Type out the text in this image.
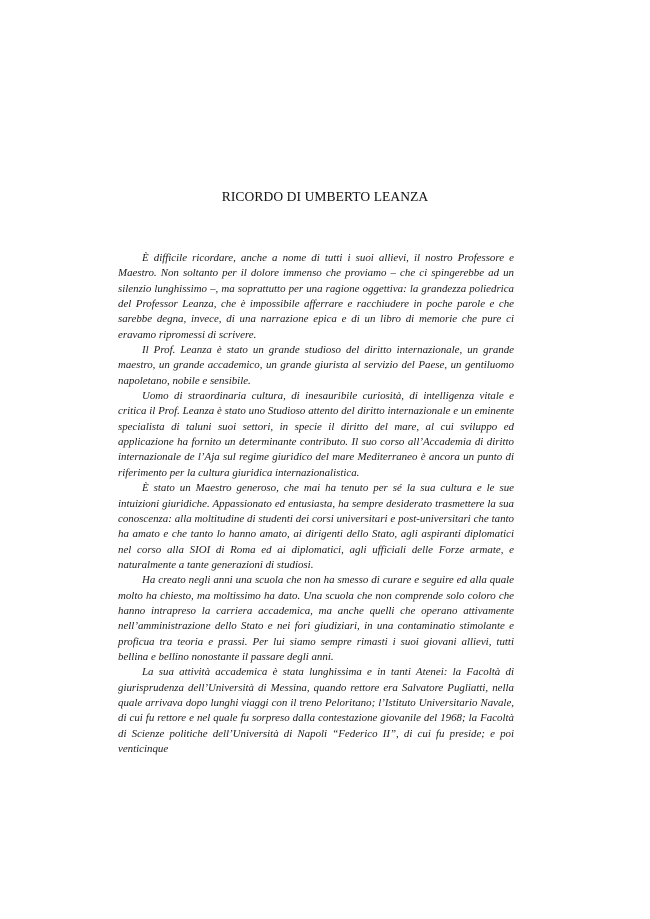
RICORDO DI UMBERTO LEANZA

È difficile ricordare, anche a nome di tutti i suoi allievi, il nostro Professore e Maestro. Non soltanto per il dolore immenso che proviamo – che ci spingerebbe ad un silenzio lunghissimo –, ma soprattutto per una ragione oggettiva: la grandezza poliedrica del Professor Leanza, che è impossibile afferrare e racchiudere in poche parole e che sarebbe degna, invece, di una narrazione epica e di un libro di memorie che pure ci eravamo ripromessi di scrivere.

Il Prof. Leanza è stato un grande studioso del diritto internazionale, un grande maestro, un grande accademico, un grande giurista al servizio del Paese, un gentiluomo napoletano, nobile e sensibile.

Uomo di straordinaria cultura, di inesauribile curiosità, di intelligenza vitale e critica il Prof. Leanza è stato uno Studioso attento del diritto internazionale e un eminente specialista di taluni suoi settori, in specie il diritto del mare, al cui sviluppo ed applicazione ha fornito un determinante contributo. Il suo corso all’Accademia di diritto internazionale de l’Aja sul regime giuridico del mare Mediterraneo è ancora un punto di riferimento per la cultura giuridica internazionalistica.

È stato un Maestro generoso, che mai ha tenuto per sé la sua cultura e le sue intuizioni giuridiche. Appassionato ed entusiasta, ha sempre desiderato trasmettere la sua conoscenza: alla moltitudine di studenti dei corsi universitari e post-universitari che tanto ha amato e che tanto lo hanno amato, ai dirigenti dello Stato, agli aspiranti diplomatici nel corso alla SIOI di Roma ed ai diplomatici, agli ufficiali delle Forze armate, e naturalmente a tante generazioni di studiosi.

Ha creato negli anni una scuola che non ha smesso di curare e seguire ed alla quale molto ha chiesto, ma moltissimo ha dato. Una scuola che non comprende solo coloro che hanno intrapreso la carriera accademica, ma anche quelli che operano attivamente nell’amministrazione dello Stato e nei fori giudiziari, in una contaminatio stimolante e proficua tra teoria e prassi. Per lui siamo sempre rimasti i suoi giovani allievi, tutti bellina e bellino nonostante il passare degli anni.

La sua attività accademica è stata lunghissima e in tanti Atenei: la Facoltà di giurisprudenza dell’Università di Messina, quando rettore era Salvatore Pugliatti, nella quale arrivava dopo lunghi viaggi con il treno Peloritano; l’Istituto Universitario Navale, di cui fu rettore e nel quale fu sorpreso dalla contestazione giovanile del 1968; la Facoltà di Scienze politiche dell’Università di Napoli “Federico II”, di cui fu preside; e poi venticinque
